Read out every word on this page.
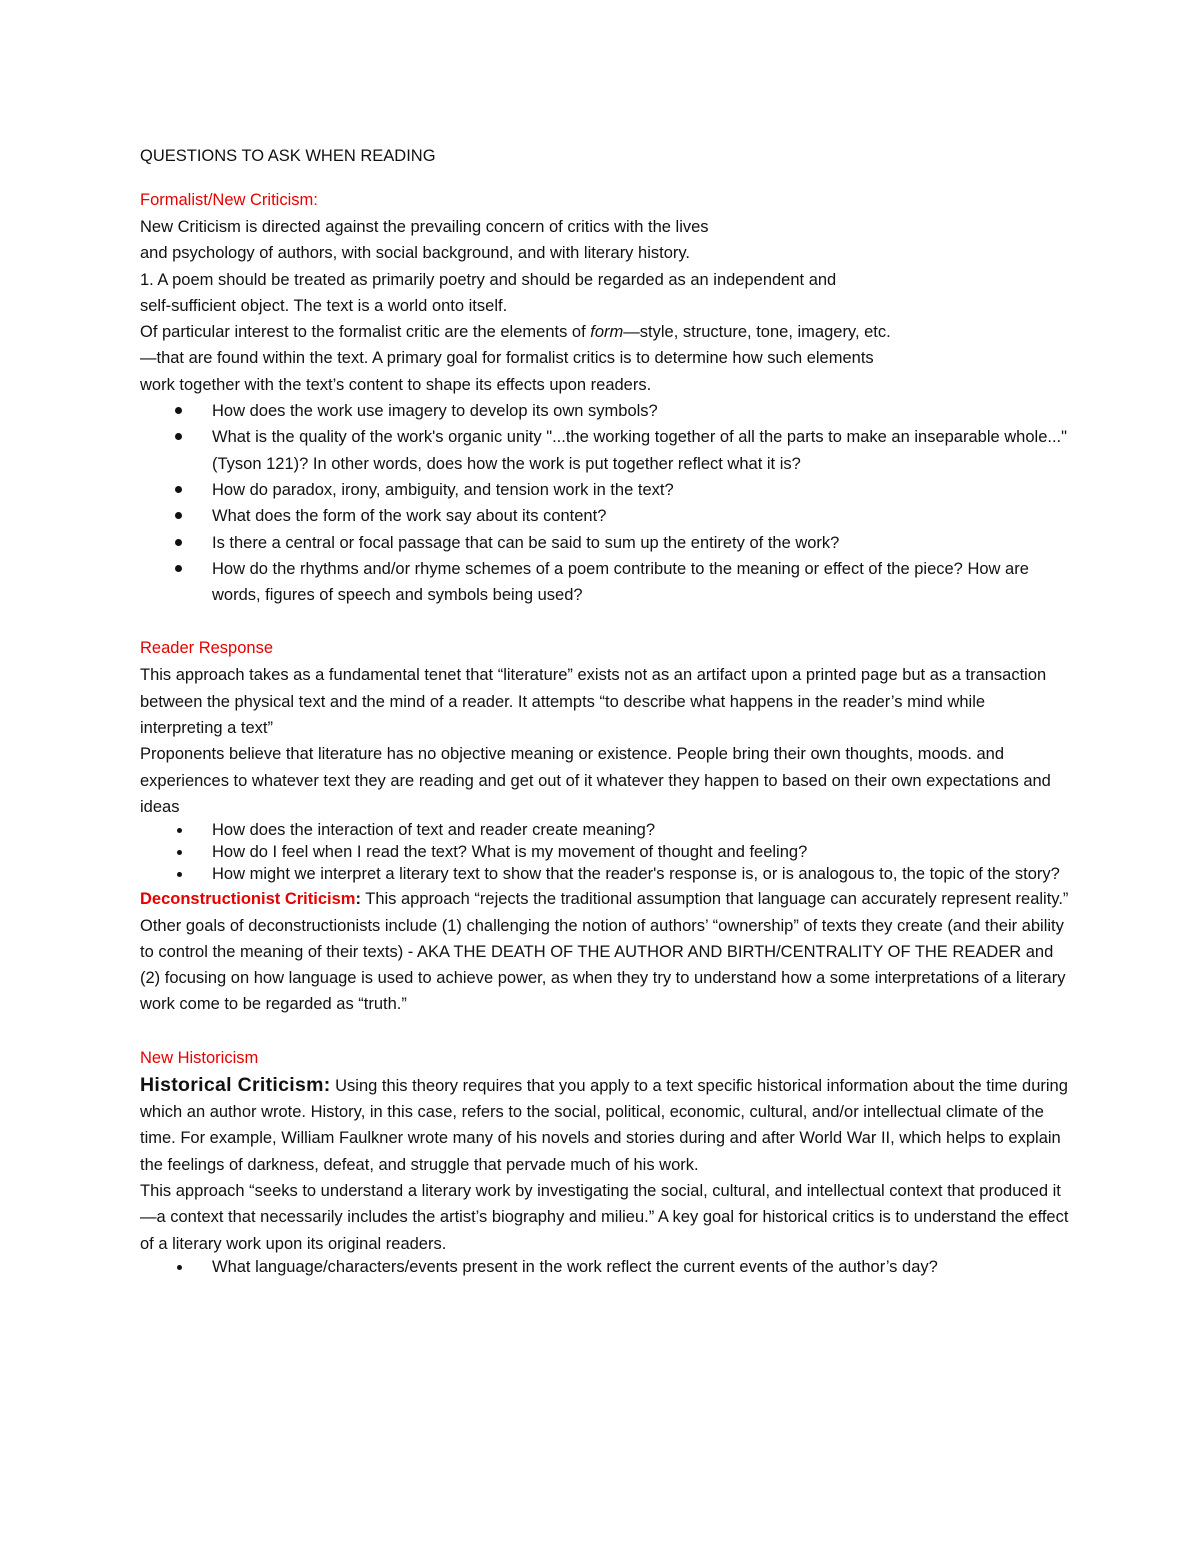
QUESTIONS TO ASK WHEN READING

Formalist/New Criticism:

New Criticism is directed against the prevailing concern of critics with the lives
and psychology of authors, with social background, and with literary history.
1. A poem should be treated as primarily poetry and should be regarded as an independent and
self-sufficient object. The text is a world onto itself.
Of particular interest to the formalist critic are the elements of form—style, structure, tone, imagery, etc.
—that are found within the text. A primary goal for formalist critics is to determine how such elements
work together with the text’s content to shape its effects upon readers.

How does the work use imagery to develop its own symbols?
What is the quality of the work's organic unity "...the working together of all the parts to make an inseparable whole..." (Tyson 121)? In other words, does how the work is put together reflect what it is?
How do paradox, irony, ambiguity, and tension work in the text?
What does the form of the work say about its content?
Is there a central or focal passage that can be said to sum up the entirety of the work?
How do the rhythms and/or rhyme schemes of a poem contribute to the meaning or effect of the piece? How are words, figures of speech and symbols being used?

Reader Response

This approach takes as a fundamental tenet that “literature” exists not as an artifact upon a printed page but as a transaction between the physical text and the mind of a reader. It attempts “to describe what happens in the reader’s mind while interpreting a text”

Proponents believe that literature has no objective meaning or existence. People bring their own thoughts, moods. and experiences to whatever text they are reading and get out of it whatever they happen to based on their own expectations and ideas

How does the interaction of text and reader create meaning?
How do I feel when I read the text? What is my movement of thought and feeling?
How might we interpret a literary text to show that the reader's response is, or is analogous to, the topic of the story?

Deconstructionist Criticism: This approach “rejects the traditional assumption that language can accurately represent reality.” Other goals of deconstructionists include (1) challenging the notion of authors’ “ownership” of texts they create (and their ability to control the meaning of their texts) - AKA THE DEATH OF THE AUTHOR AND BIRTH/CENTRALITY OF THE READER and (2) focusing on how language is used to achieve power, as when they try to understand how a some interpretations of a literary work come to be regarded as “truth.”

New Historicism

Historical Criticism: Using this theory requires that you apply to a text specific historical information about the time during which an author wrote. History, in this case, refers to the social, political, economic, cultural, and/or intellectual climate of the time. For example, William Faulkner wrote many of his novels and stories during and after World War II, which helps to explain the feelings of darkness, defeat, and struggle that pervade much of his work.

This approach “seeks to understand a literary work by investigating the social, cultural, and intellectual context that produced it—a context that necessarily includes the artist’s biography and milieu.” A key goal for historical critics is to understand the effect of a literary work upon its original readers.

What language/characters/events present in the work reflect the current events of the author’s day?
